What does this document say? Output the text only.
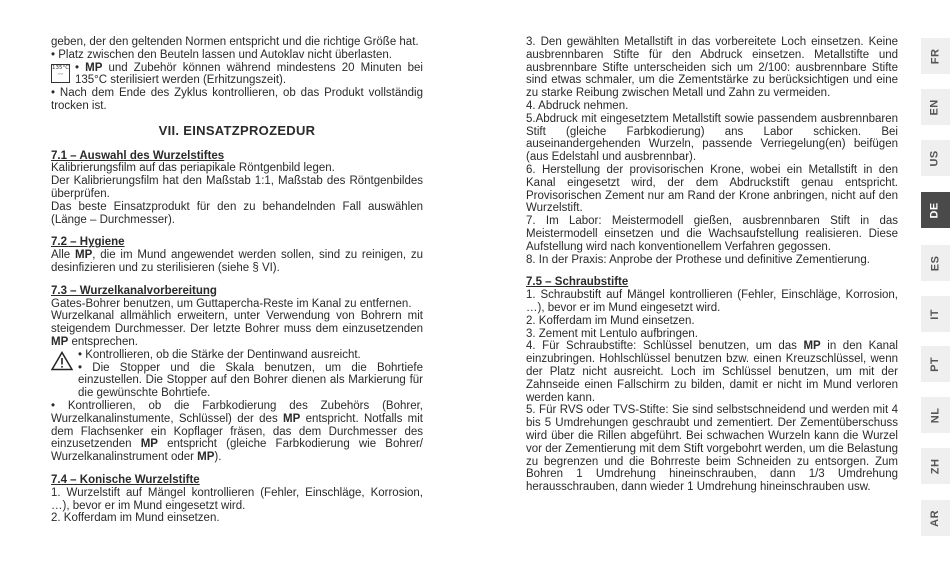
geben, der den geltenden Normen entspricht und die richtige Größe hat.

• Platz zwischen den Beuteln lassen und Autoklav nicht überlasten.

135°C
〰

• MP und Zubehör können während mindestens 20 Minuten bei 135°C sterilisiert werden (Erhitzungszeit).

• Nach dem Ende des Zyklus kontrollieren, ob das Produkt vollständig trocken ist.

VII. EINSATZPROZEDUR
7.1 – Auswahl des Wurzelstiftes

Kalibrierungsfilm auf das periapikale Röntgenbild legen.

Der Kalibrierungsfilm hat den Maßstab 1:1, Maßstab des Röntgenbildes überprüfen.

Das beste Einsatzprodukt für den zu behandelnden Fall auswählen (Länge – Durchmesser).

7.2 – Hygiene

Alle MP, die im Mund angewendet werden sollen, sind zu reinigen, zu desinfizieren und zu sterilisieren (siehe § VI).

7.3 – Wurzelkanalvorbereitung

Gates-Bohrer benutzen, um Guttapercha-Reste im Kanal zu entfernen.

Wurzelkanal allmählich erweitern, unter Verwendung von Bohrern mit steigendem Durchmesser. Der letzte Bohrer muss dem einzusetzenden MP entsprechen.

• Kontrollieren, ob die Stärke der Dentinwand ausreicht.

• Die Stopper und die Skala benutzen, um die Bohrtiefe einzustellen. Die Stopper auf den Bohrer dienen als Markierung für die gewünschte Bohrtiefe.

• Kontrollieren, ob die Farbkodierung des Zubehörs (Bohrer, Wurzelkanalinstumente, Schlüssel) der des MP entspricht. Notfalls mit dem Flachsenker ein Kopflager fräsen, das dem Durchmesser des einzusetzenden MP entspricht (gleiche Farbkodierung wie Bohrer/ Wurzelkanalinstrument oder MP).

7.4 – Konische Wurzelstifte

1. Wurzelstift auf Mängel kontrollieren (Fehler, Einschläge, Korrosion, …), bevor er im Mund eingesetzt wird.

2. Kofferdam im Mund einsetzen.

3. Den gewählten Metallstift in das vorbereitete Loch einsetzen. Keine ausbrennbaren Stifte für den Abdruck einsetzen. Metallstifte und ausbrennbare Stifte unterscheiden sich um 2/100: ausbrennbare Stifte sind etwas schmaler, um die Zementstärke zu berücksichtigen und eine zu starke Reibung zwischen Metall und Zahn zu vermeiden.

4. Abdruck nehmen.

5.Abdruck mit eingesetztem Metallstift sowie passendem ausbrennbaren Stift (gleiche Farbkodierung) ans Labor schicken. Bei auseinandergehenden Wurzeln, passende Verriegelung(en) beifügen (aus Edelstahl und ausbrennbar).

6. Herstellung der provisorischen Krone, wobei ein Metallstift in den Kanal eingesetzt wird, der dem Abdruckstift genau entspricht. Provisorischen Zement nur am Rand der Krone anbringen, nicht auf den Wurzelstift.

7. Im Labor: Meistermodell gießen, ausbrennbaren Stift in das Meistermodell einsetzen und die Wachsaufstellung realisieren. Diese Aufstellung wird nach konventionellem Verfahren gegossen.

8. In der Praxis: Anprobe der Prothese und definitive Zementierung.

7.5 – Schraubstifte

1. Schraubstift auf Mängel kontrollieren (Fehler, Einschläge, Korrosion, …), bevor er im Mund eingesetzt wird.

2. Kofferdam im Mund einsetzen.

3. Zement mit Lentulo aufbringen.

4. Für Schraubstifte: Schlüssel benutzen, um das MP in den Kanal einzubringen. Hohlschlüssel benutzen bzw. einen Kreuzschlüssel, wenn der Platz nicht ausreicht. Loch im Schlüssel benutzen, um mit der Zahnseide einen Fallschirm zu bilden, damit er nicht im Mund verloren werden kann.

5. Für RVS oder TVS-Stifte: Sie sind selbstschneidend und werden mit 4 bis 5 Umdrehungen geschraubt und zementiert. Der Zementüberschuss wird über die Rillen abgeführt. Bei schwachen Wurzeln kann die Wurzel vor der Zementierung mit dem Stift vorgebohrt werden, um die Belastung zu begrenzen und die Bohrreste beim Schneiden zu entsorgen. Zum Bohren 1 Umdrehung hineinschrauben, dann 1/3 Umdrehung herausschrauben, dann wieder 1 Umdrehung hineinschrauben usw.

FR
EN
US
DE
ES
IT
PT
NL
ZH
AR
